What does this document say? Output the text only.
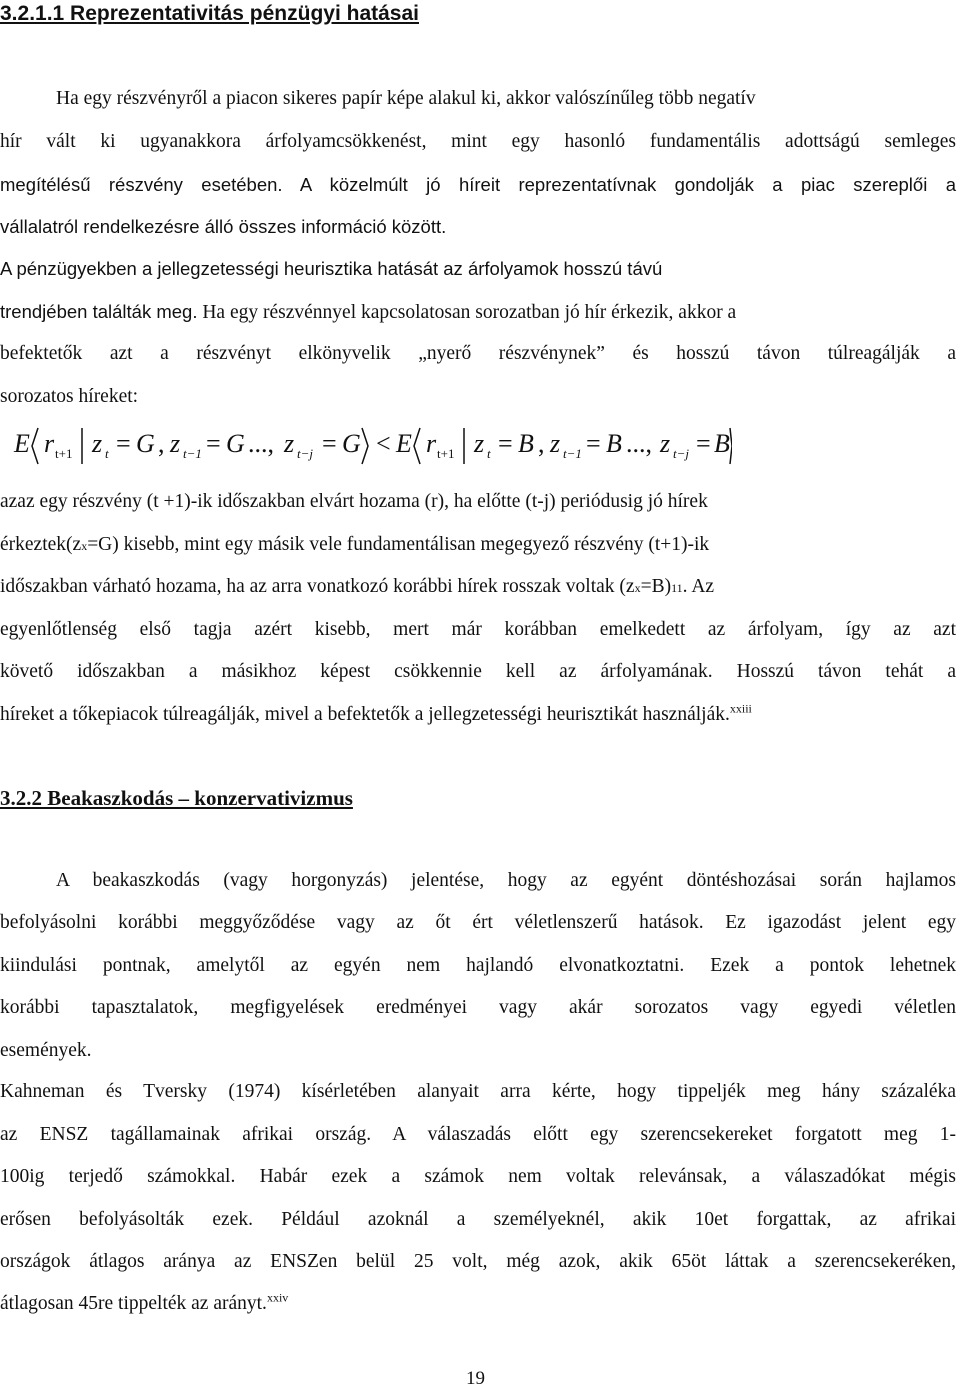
3.2.1.1 Reprezentativitás pénzügyi hatásai
Ha egy részvényről a piacon sikeres papír képe alakul ki, akkor valószínűleg több negatív
hír vált ki ugyanakkora árfolyamcsökkenést, mint egy hasonló fundamentális adottságú semleges
megítélésű részvény esetében. A közelmúlt jó híreit reprezentatívnak gondolják a piac szereplői a
vállalatról rendelkezésre álló összes információ között.
A pénzügyekben a jellegzetességi heurisztika hatását az árfolyamok hosszú távú
trendjében találták meg. Ha egy részvénnyel kapcsolatosan sorozatban jó hír érkezik, akkor a
befektetők azt a részvényt elkönyvelik „nyerő részvénynek” és hosszú távon túlreagálják a
sorozatos híreket:
E r t+1 z t = G , z t−1 = G ..., z t−j = G < E r t+1 z t = B , z t−1 = B ..., z t−j = B
azaz egy részvény (t +1)-ik időszakban elvárt hozama (r), ha előtte (t-j) periódusig jó hírek
érkeztek(zx=G) kisebb, mint egy másik vele fundamentálisan megegyező részvény (t+1)-ik
időszakban várható hozama, ha az arra vonatkozó korábbi hírek rosszak voltak (zx=B)11. Az
egyenlőtlenség első tagja azért kisebb, mert már korábban emelkedett az árfolyam, így az azt
követő időszakban a másikhoz képest csökkennie kell az árfolyamának. Hosszú távon tehát a
híreket a tőkepiacok túlreagálják, mivel a befektetők a jellegzetességi heurisztikát használják.$^{xxiii}$
3.2.2 Beakaszkodás – konzervativizmus
A beakaszkodás (vagy horgonyzás) jelentése, hogy az egyént döntéshozásai során hajlamos
befolyásolni korábbi meggyőződése vagy az őt ért véletlenszerű hatások. Ez igazodást jelent egy
kiindulási pontnak, amelytől az egyén nem hajlandó elvonatkoztatni. Ezek a pontok lehetnek
korábbi tapasztalatok, megfigyelések eredményei vagy akár sorozatos vagy egyedi véletlen
események.
Kahneman és Tversky (1974) kísérletében alanyait arra kérte, hogy tippeljék meg hány százaléka
az ENSZ tagállamainak afrikai ország. A válaszadás előtt egy szerencsekereket forgatott meg 1-
100ig terjedő számokkal. Habár ezek a számok nem voltak relevánsak, a válaszadókat mégis
erősen befolyásolták ezek. Például azoknál a személyeknél, akik 10et forgattak, az afrikai
országok átlagos aránya az ENSZen belül 25 volt, még azok, akik 65öt láttak a szerencsekeréken,
átlagosan 45re tippelték az arányt.$^{xxiv}$
19
